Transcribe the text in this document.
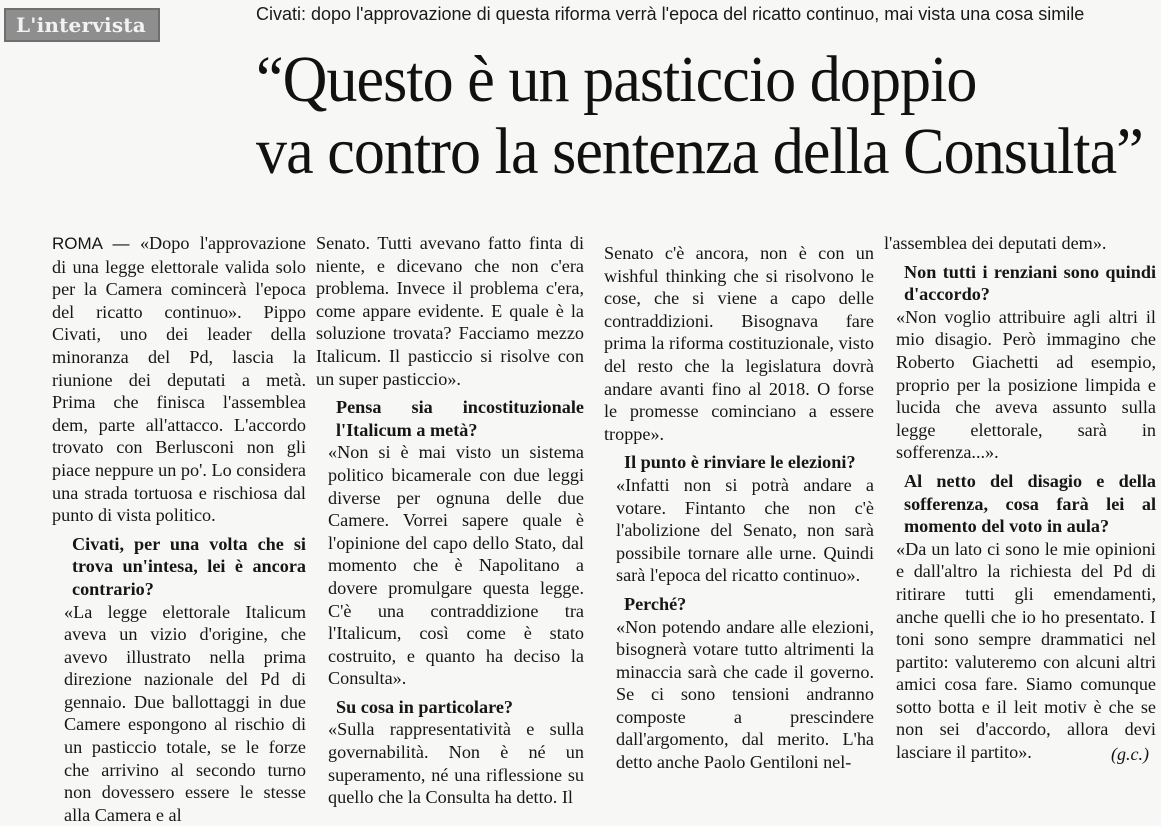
L'intervista	Civati: dopo l'approvazione di questa riforma verrà l'epoca del ricatto continuo, mai vista una cosa simile
“Questo è un pasticcio doppio
va contro la sentenza della Consulta”

ROMA — «Dopo l'approvazione di una legge elettorale valida solo per la Camera comincerà l'epoca del ricatto continuo». Pippo Civati, uno dei leader della minoranza del Pd, lascia la riunione dei deputati a metà. Prima che finisca l'assemblea dem, parte all'attacco. L'accordo trovato con Berlusconi non gli piace neppure un po'. Lo considera una strada tortuosa e rischiosa dal punto di vista politico.

Civati, per una volta che si trova un'intesa, lei è ancora contrario?

«La legge elettorale Italicum aveva un vizio d'origine, che avevo illustrato nella prima direzione nazionale del Pd di gennaio. Due ballottaggi in due Camere espongono al rischio di un pasticcio totale, se le forze che arrivino al secondo turno non dovessero essere le stesse alla Camera e al

Senato. Tutti avevano fatto finta di niente, e dicevano che non c'era problema. Invece il problema c'era, come appare evidente. E quale è la soluzione trovata? Facciamo mezzo Italicum. Il pasticcio si risolve con un super pasticcio».

Pensa sia incostituzionale l'Italicum a metà?

«Non si è mai visto un sistema politico bicamerale con due leggi diverse per ognuna delle due Camere. Vorrei sapere quale è l'opinione del capo dello Stato, dal momento che è Napolitano a dovere promulgare questa legge. C'è una contraddizione tra l'Italicum, così come è stato costruito, e quanto ha deciso la Consulta».

Su cosa in particolare?

«Sulla rappresentatività e sulla governabilità. Non è né un superamento, né una riflessione su quello che la Consulta ha detto. Il

Senato c'è ancora, non è con un wishful thinking che si risolvono le cose, che si viene a capo delle contraddizioni. Bisognava fare prima la riforma costituzionale, visto del resto che la legislatura dovrà andare avanti fino al 2018. O forse le promesse cominciano a essere troppe».

Il punto è rinviare le elezioni?

«Infatti non si potrà andare a votare. Fintanto che non c'è l'abolizione del Senato, non sarà possibile tornare alle urne. Quindi sarà l'epoca del ricatto continuo».

Perché?

«Non potendo andare alle elezioni, bisognerà votare tutto altrimenti la minaccia sarà che cade il governo. Se ci sono tensioni andranno composte a prescindere dall'argomento, dal merito. L'ha detto anche Paolo Gentiloni nel-

l'assemblea dei deputati dem».

Non tutti i renziani sono quindi d'accordo?

«Non voglio attribuire agli altri il mio disagio. Però immagino che Roberto Giachetti ad esempio, proprio per la posizione limpida e lucida che aveva assunto sulla legge elettorale, sarà in sofferenza...».

Al netto del disagio e della sofferenza, cosa farà lei al momento del voto in aula?

«Da un lato ci sono le mie opinioni e dall'altro la richiesta del Pd di ritirare tutti gli emendamenti, anche quelli che io ho presentato. I toni sono sempre drammatici nel partito: valuteremo con alcuni altri amici cosa fare. Siamo comunque sotto botta e il leit motiv è che se non sei d'accordo, allora devi lasciare il partito».	(g.c.)
